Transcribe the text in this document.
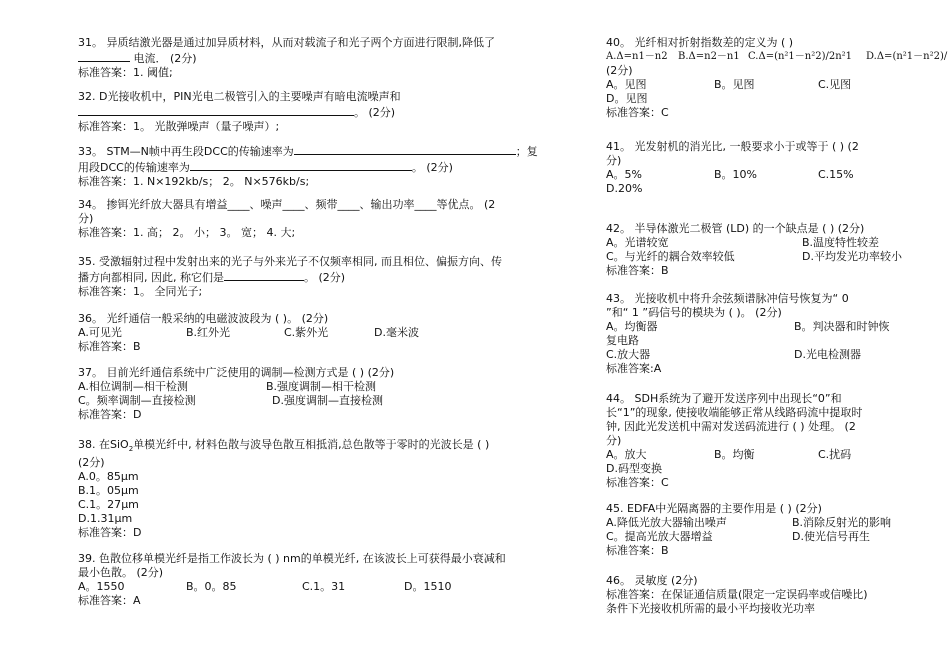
31。 异质结激光器是通过加异质材料，从而对载流子和光子两个方面进行限制,降低了
电流． (2分)
标准答案：1. 阈值;
32. D光接收机中，PIN光电二极管引入的主要噪声有暗电流噪声和
。 (2分)
标准答案：1。 光散弹噪声（量子噪声）;
33。 STM—N帧中再生段DCC的传输速率为	；复
用段DCC的传输速率为	。 (2分)
标准答案：1. N×192kb/s； 2。 N×576kb/s;
34。 掺铒光纤放大器具有增益____、噪声____、频带____、输出功率____等优点。 (2
分)
标准答案：1. 高； 2。 小； 3。 宽； 4. 大;
35. 受激辐射过程中发射出来的光子与外来光子不仅频率相同, 而且相位、偏振方向、传
播方向都相同, 因此, 称它们是	。 (2分)
标准答案：1。 全同光子;
36。 光纤通信一般采纳的电磁波波段为 ( )。 (2分)
A.可见光	B.红外光	C.紫外光	D.毫米波
标准答案：B
37。 目前光纤通信系统中广泛使用的调制—检测方式是 ( ) (2分)
A.相位调制—相干检测	B.强度调制—相干检测
C。频率调制—直接检测	D.强度调制—直接检测
标准答案：D
38. 在SiO$_2$单模光纤中, 材料色散与波导色散互相抵消,总色散等于零时的光波长是 ( )
(2分)
A.0。85μm
B.1。05μm
C.1。27μm
D.1.31μm
标准答案：D
39. 色散位移单模光纤是指工作波长为 ( ) nm的单模光纤, 在该波长上可获得最小衰减和
最小色散。 (2分)
A。1550	B。0。85	C.1。31	D。1510
标准答案：A
40。 光纤相对折射指数差的定义为 ( )
A.Δ=n1－n2 B.Δ=n2－n1 C.Δ=(n²1－n²2)/2n²1 D.Δ=(n²1－n²2)/
(2分)
A。见图	B。见图	C.见图
D。见图
标准答案：C
41。 光发射机的消光比, 一般要求小于或等于 ( ) (2
分)
A。5%	B。10%	C.15%
D.20%
42。 半导体激光二极管 (LD) 的一个缺点是 ( ) (2分)
A。光谱较宽	B.温度特性较差
C。与光纤的耦合效率较低	D.平均发光功率较小
标准答案：B
43。 光接收机中将升余弦频谱脉冲信号恢复为“ 0
”和“ 1 ”码信号的模块为 ( )。 (2分)
A。均衡器	B。判决器和时钟恢
复电路
C.放大器	D.光电检测器
标准答案:A
44。 SDH系统为了避开发送序列中出现长“0”和
长“1”的现象, 使接收端能够正常从线路码流中提取时
钟, 因此光发送机中需对发送码流进行 ( ) 处理。 (2
分)
A。放大	B。均衡	C.扰码
D.码型变换
标准答案：C
45. EDFA中光隔离器的主要作用是 ( ) (2分)
A.降低光放大器输出噪声	B.消除反射光的影响
C。提高光放大器增益	D.使光信号再生
标准答案：B
46。 灵敏度 (2分)
标准答案：在保证通信质量(限定一定误码率或信噪比)
条件下光接收机所需的最小平均接收光功率
